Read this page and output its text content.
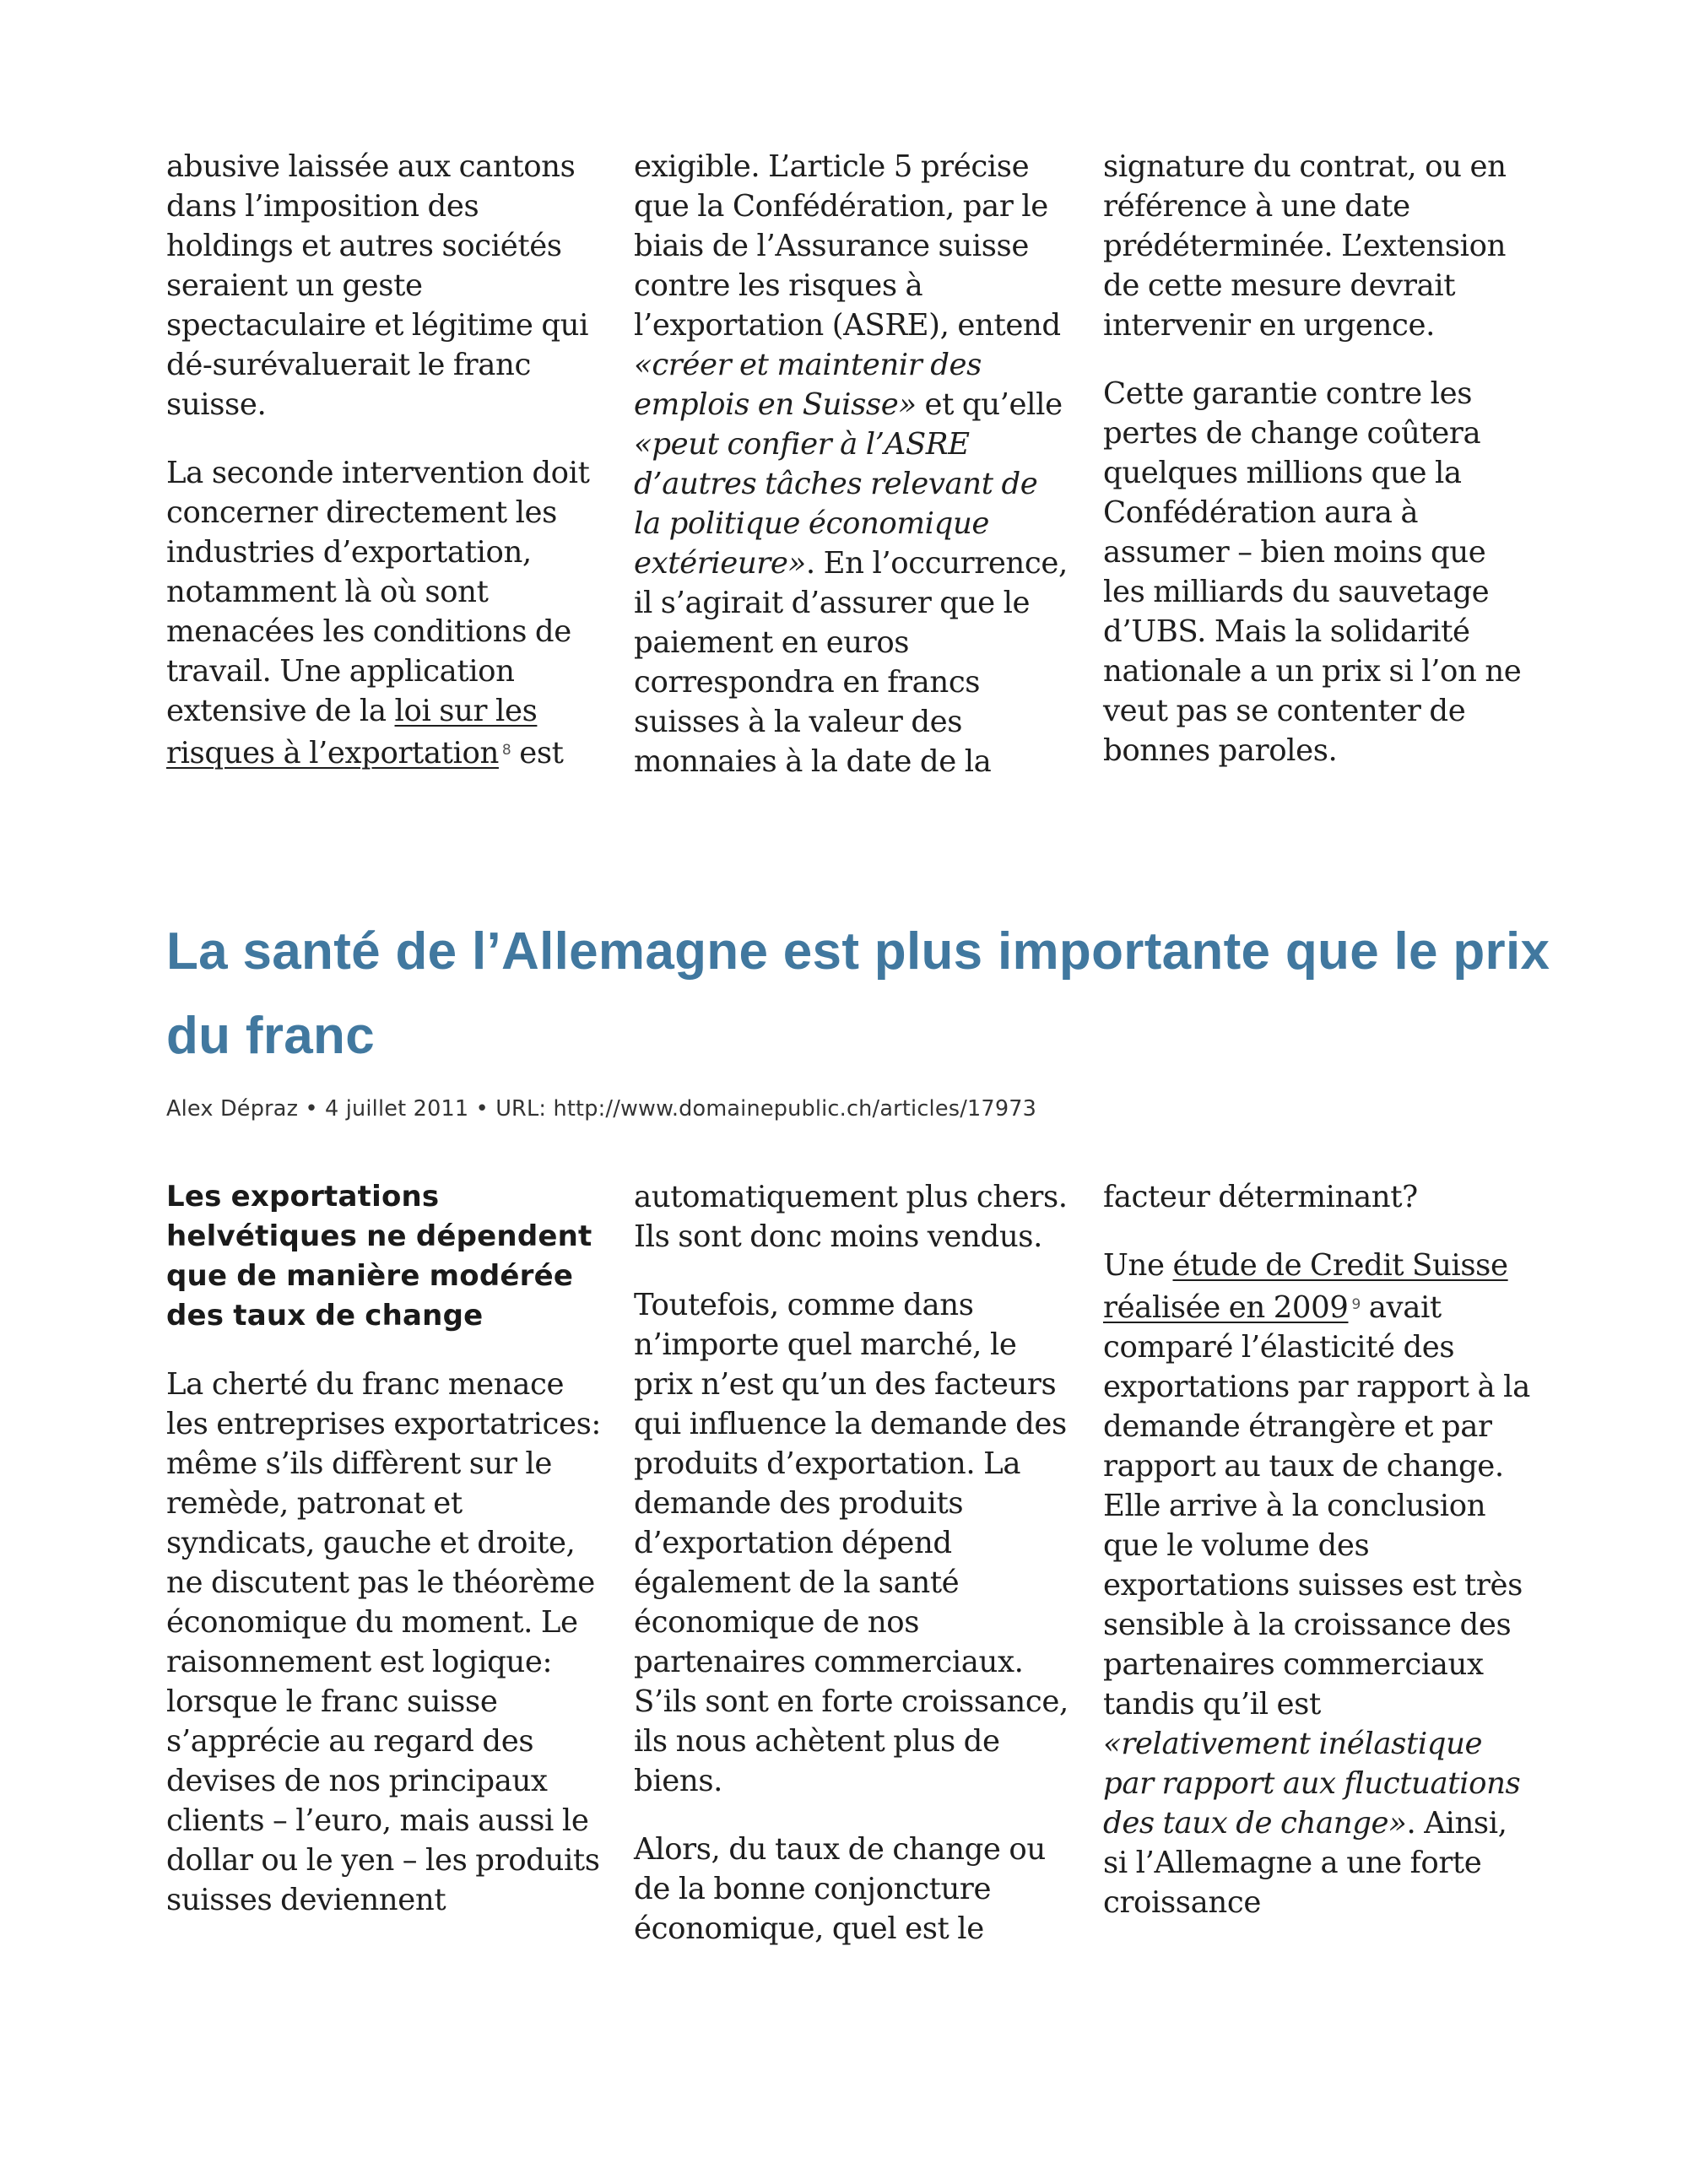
abusive laissée aux cantons dans l’imposition des holdings et autres sociétés seraient un geste spectaculaire et légitime qui dé-surévaluerait le franc suisse.

La seconde intervention doit concerner directement les industries d’exportation, notamment là où sont menacées les conditions de travail. Une application extensive de la loi sur les risques à l’exportation $^8$ est

exigible. L’article 5 précise que la Confédération, par le biais de l’Assurance suisse contre les risques à l’exportation (ASRE), entend «créer et maintenir des emplois en Suisse» et qu’elle «peut confier à l’ASRE d’autres tâches relevant de la politique économique extérieure». En l’occurrence, il s’agirait d’assurer que le paiement en euros correspondra en francs suisses à la valeur des monnaies à la date de la

signature du contrat, ou en référence à une date prédéterminée. L’extension de cette mesure devrait intervenir en urgence.

Cette garantie contre les pertes de change coûtera quelques millions que la Confédération aura à assumer – bien moins que les milliards du sauvetage d’UBS. Mais la solidarité nationale a un prix si l’on ne veut pas se contenter de bonnes paroles.

La santé de l’Allemagne est plus importante que le prix du franc
Alex Dépraz • 4 juillet 2011 • URL: http://www.domainepublic.ch/articles/17973

Les exportations helvétiques ne dépendent que de manière modérée des taux de change

La cherté du franc menace les entreprises exportatrices: même s’ils diffèrent sur le remède, patronat et syndicats, gauche et droite, ne discutent pas le théorème économique du moment. Le raisonnement est logique: lorsque le franc suisse s’apprécie au regard des devises de nos principaux clients – l’euro, mais aussi le dollar ou le yen – les produits suisses deviennent

automatiquement plus chers. Ils sont donc moins vendus.

Toutefois, comme dans n’importe quel marché, le prix n’est qu’un des facteurs qui influence la demande des produits d’exportation. La demande des produits d’exportation dépend également de la santé économique de nos partenaires commerciaux. S’ils sont en forte croissance, ils nous achètent plus de biens.

Alors, du taux de change ou de la bonne conjoncture économique, quel est le

facteur déterminant?

Une étude de Credit Suisse réalisée en 2009 $^9$ avait comparé l’élasticité des exportations par rapport à la demande étrangère et par rapport au taux de change. Elle arrive à la conclusion que le volume des exportations suisses est très sensible à la croissance des partenaires commerciaux tandis qu’il est «relativement inélastique par rapport aux fluctuations des taux de change». Ainsi, si l’Allemagne a une forte croissance
